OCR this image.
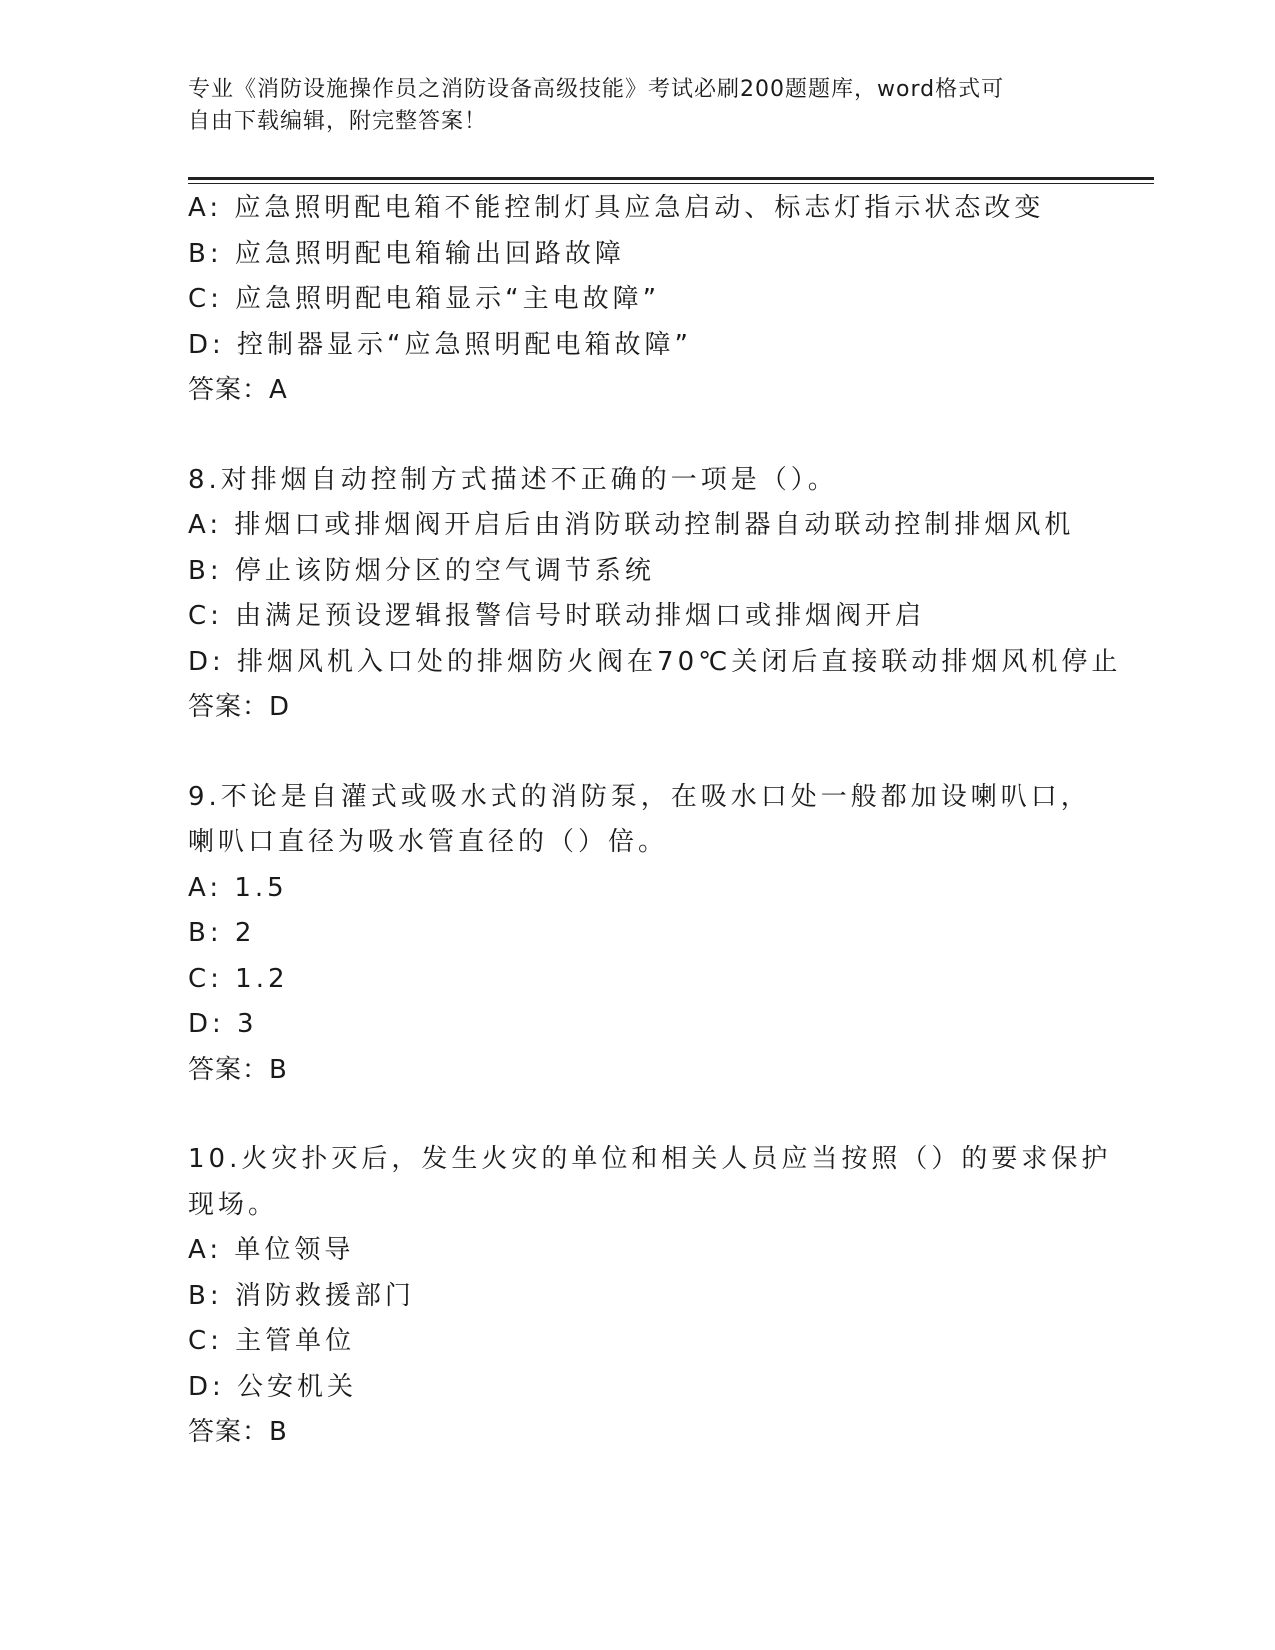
专业《消防设施操作员之消防设备高级技能》考试必刷200题题库，word格式可
自由下载编辑，附完整答案！
A: 应急照明配电箱不能控制灯具应急启动、标志灯指示状态改变
B: 应急照明配电箱输出回路故障
C: 应急照明配电箱显示“主电故障”
D: 控制器显示“应急照明配电箱故障”
答案：A
8.对排烟自动控制方式描述不正确的一项是（）。
A: 排烟口或排烟阀开启后由消防联动控制器自动联动控制排烟风机
B: 停止该防烟分区的空气调节系统
C: 由满足预设逻辑报警信号时联动排烟口或排烟阀开启
D: 排烟风机入口处的排烟防火阀在70℃关闭后直接联动排烟风机停止
答案：D
9.不论是自灌式或吸水式的消防泵，在吸水口处一般都加设喇叭口，
喇叭口直径为吸水管直径的（）倍。
A: 1.5
B: 2
C: 1.2
D: 3
答案：B
10.火灾扑灭后，发生火灾的单位和相关人员应当按照（）的要求保护
现场。
A: 单位领导
B: 消防救援部门
C: 主管单位
D: 公安机关
答案：B
